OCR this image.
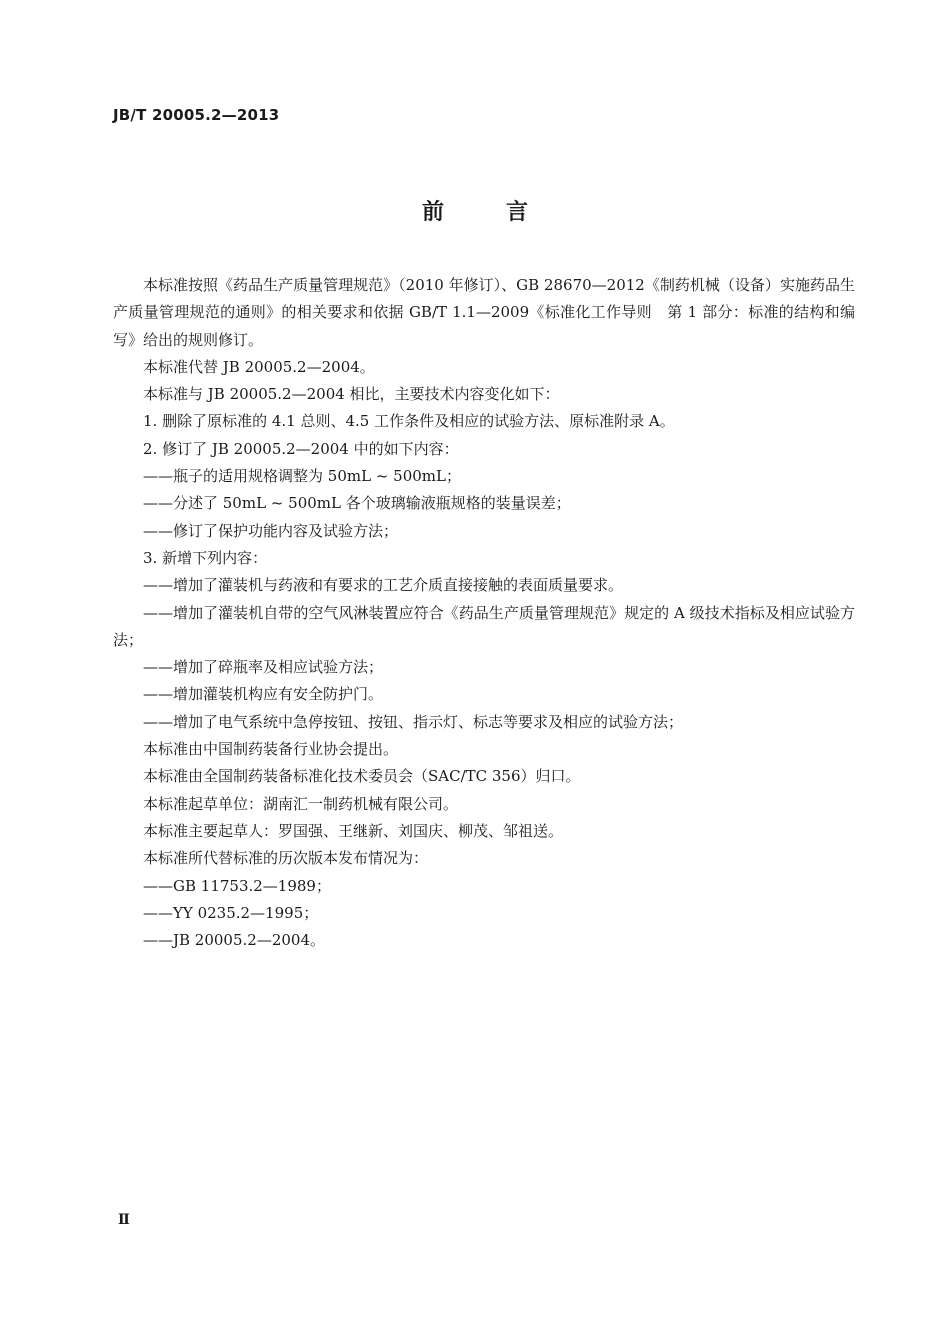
JB/T 20005.2—2013
前言

本标准按照《药品生产质量管理规范》（2010 年修订）、GB 28670—2012《制药机械（设备）实施药品生产质量管理规范的通则》的相关要求和依据 GB/T 1.1—2009《标准化工作导则　第 1 部分：标准的结构和编写》给出的规则修订。

本标准代替 JB 20005.2—2004。

本标准与 JB 20005.2—2004 相比，主要技术内容变化如下：

1. 删除了原标准的 4.1 总则、4.5 工作条件及相应的试验方法、原标准附录 A。

2. 修订了 JB 20005.2—2004 中的如下内容：

——瓶子的适用规格调整为 50mL ~ 500mL；

——分述了 50mL ~ 500mL 各个玻璃输液瓶规格的装量误差；

——修订了保护功能内容及试验方法；

3. 新增下列内容：

——增加了灌装机与药液和有要求的工艺介质直接接触的表面质量要求。

——增加了灌装机自带的空气风淋装置应符合《药品生产质量管理规范》规定的 A 级技术指标及相应试验方法；

——增加了碎瓶率及相应试验方法；

——增加灌装机构应有安全防护门。

——增加了电气系统中急停按钮、按钮、指示灯、标志等要求及相应的试验方法；

本标准由中国制药装备行业协会提出。

本标准由全国制药装备标准化技术委员会（SAC/TC 356）归口。

本标准起草单位：湖南汇一制药机械有限公司。

本标准主要起草人：罗国强、王继新、刘国庆、柳茂、邹祖送。

本标准所代替标准的历次版本发布情况为：

——GB 11753.2—1989；

——YY 0235.2—1995；

——JB 20005.2—2004。

Ⅱ
